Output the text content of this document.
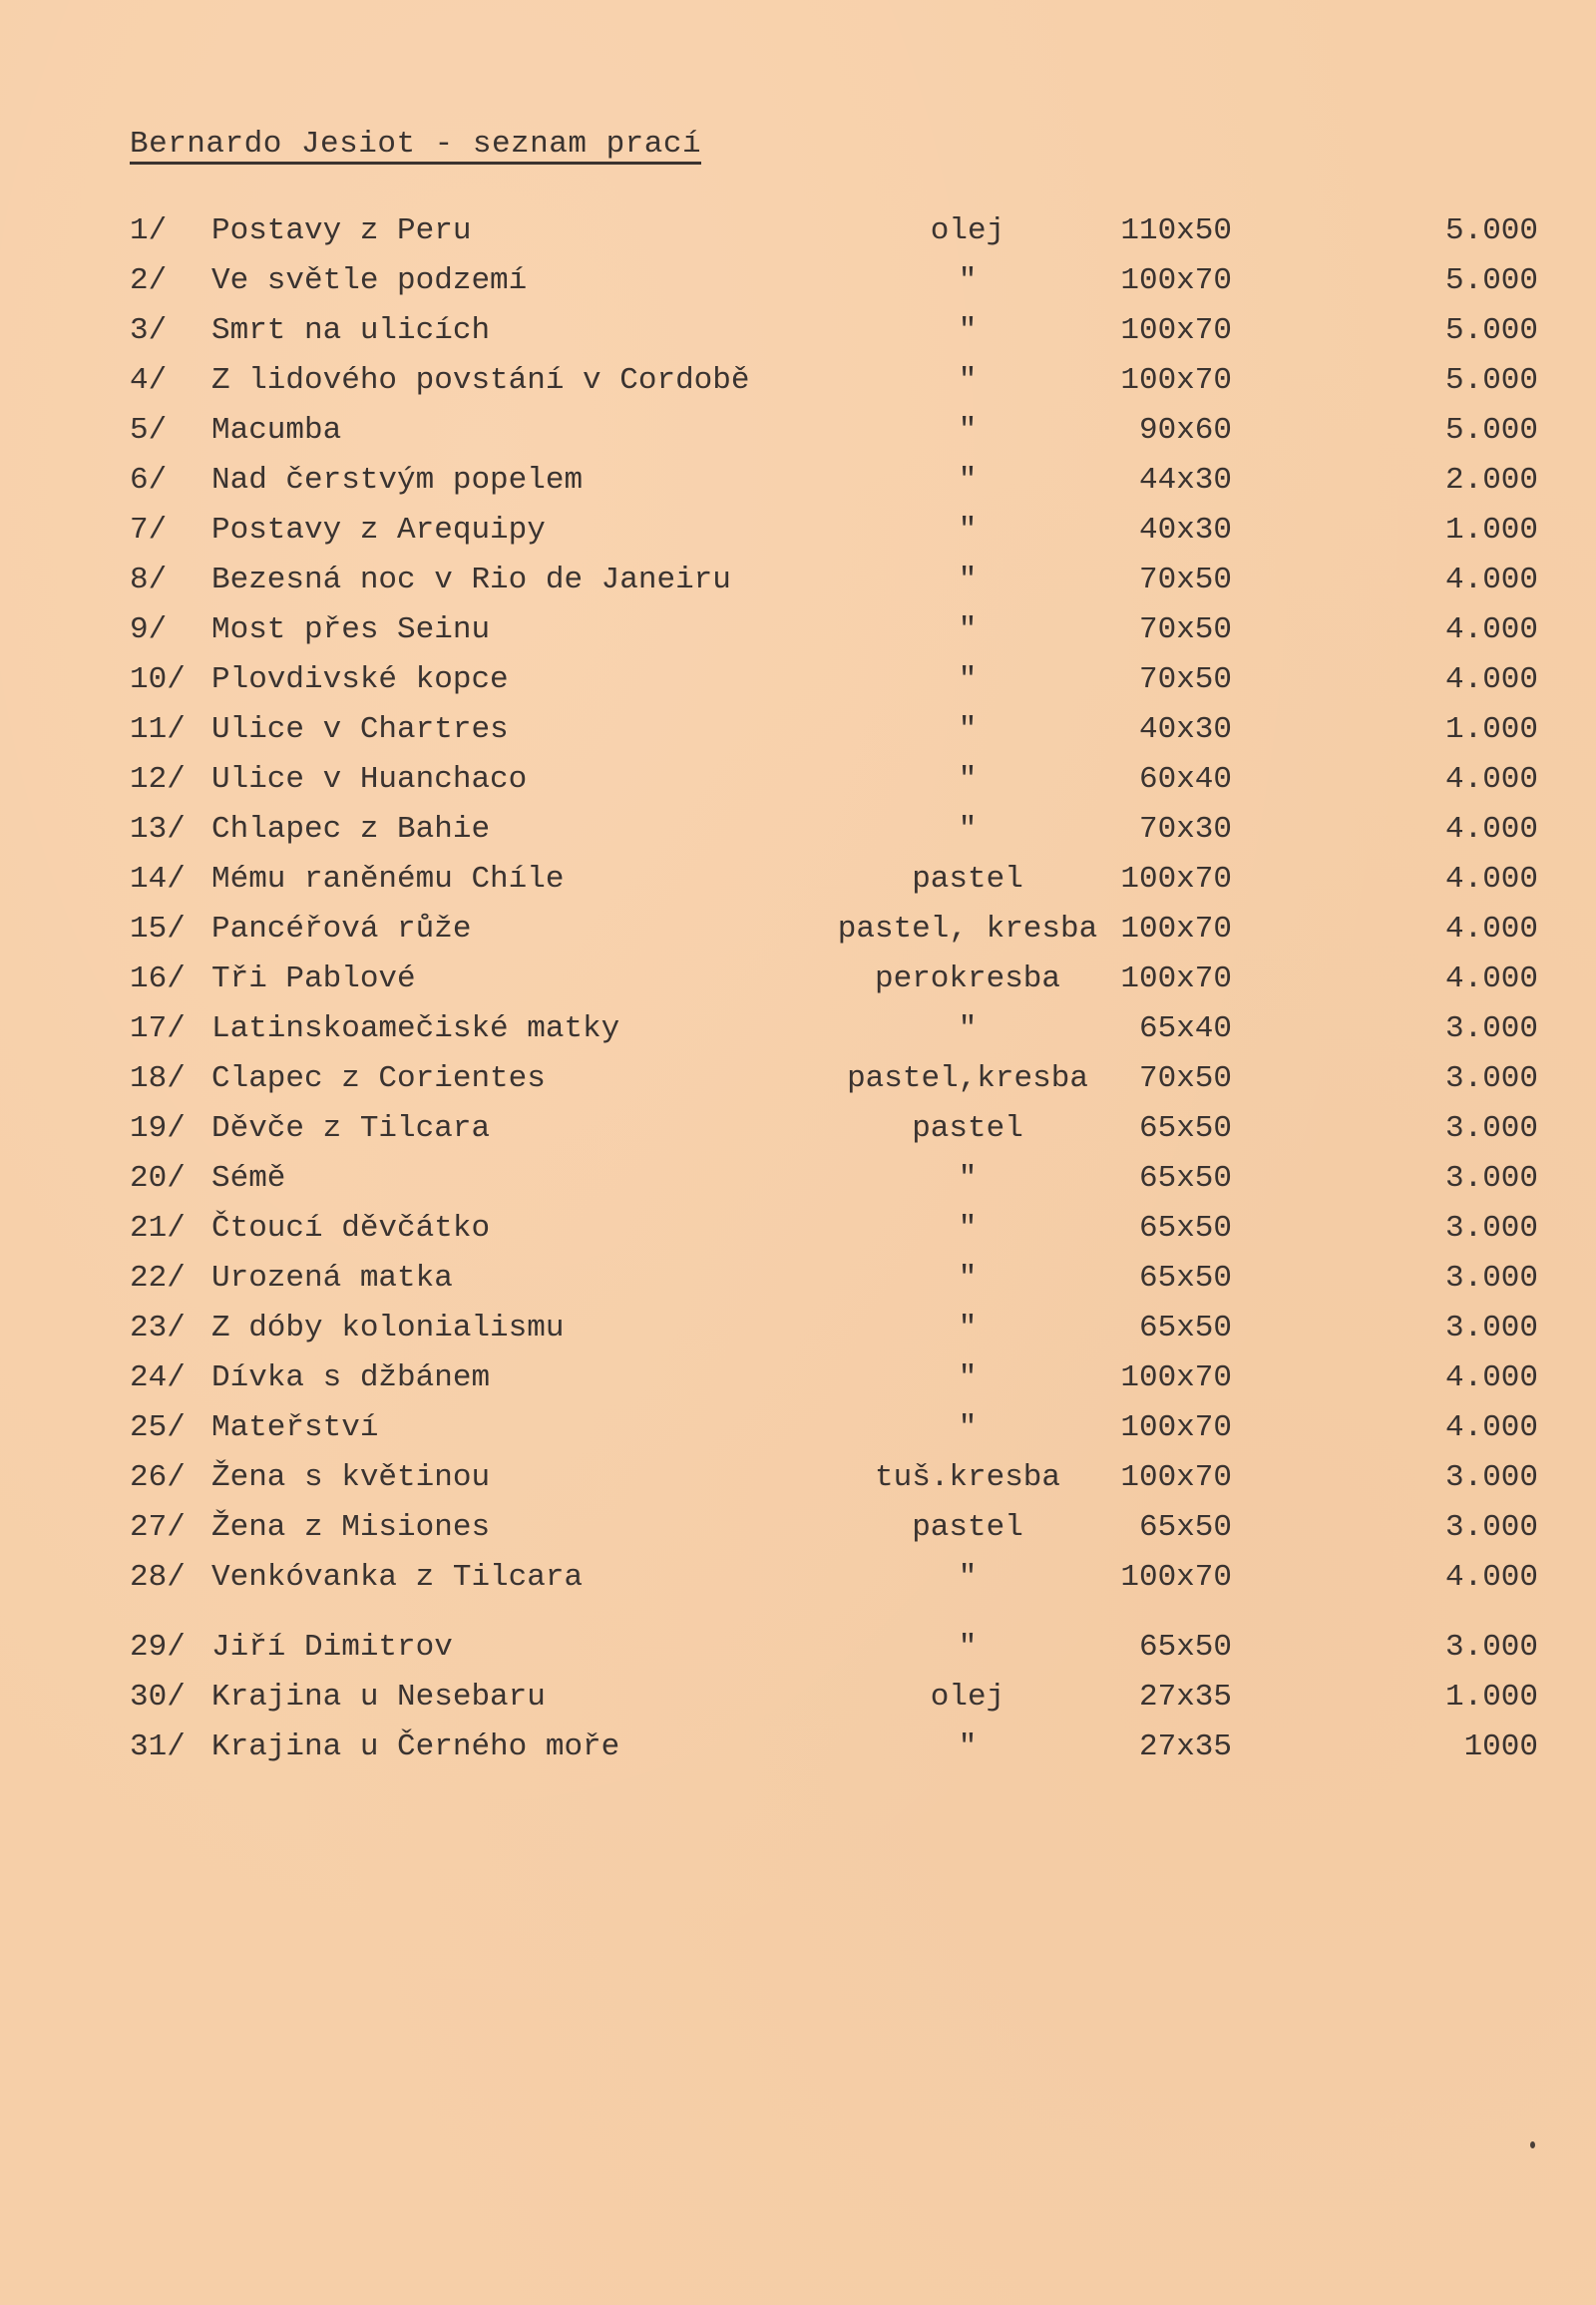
Bernardo Jesiot - seznam prací
1/ Postavy z Peru	olej	110x50	5.000
2/ Ve světle podzemí	"	100x70	5.000
3/ Smrt na ulicích	"	100x70	5.000
4/ Z lidového povstání v Cordobě	"	100x70	5.000
5/ Macumba	"	90x60	5.000
6/ Nad čerstvým popelem	"	44x30	2.000
7/ Postavy z Arequipy	"	40x30	1.000
8/ Bezesná noc v Rio de Janeiru	"	70x50	4.000
9/ Most přes Seinu	"	70x50	4.000
10/ Plovdivské kopce	"	70x50	4.000
11/ Ulice v Chartres	"	40x30	1.000
12/ Ulice v Huanchaco	"	60x40	4.000
13/ Chlapec z Bahie	"	70x30	4.000
14/ Mému raněnému Chíle	pastel	100x70	4.000
15/ Pancéřová růže	pastel, kresba 100x70	4.000
16/ Tři Pablové	perokresba	100x70	4.000
17/ Latinskoamečiské matky	"	65x40	3.000
18/ Clapec z Corientes	pastel,kresba	70x50	3.000
19/ Děvče z Tilcara	pastel	65x50	3.000
20/ Sémě	"	65x50	3.000
21/ Čtoucí děvčátko	"	65x50	3.000
22/ Urozená matka	"	65x50	3.000
23/ Z dóby kolonialismu	"	65x50	3.000
24/ Dívka s džbánem	"	100x70	4.000
25/ Mateřství	"	100x70	4.000
26/ Žena s květinou	tuš.kresba	100x70	3.000
27/ Žena z Misiones	pastel	65x50	3.000
28/ Venkóvanka z Tilcara	"	100x70	4.000
29/ Jiří Dimitrov	"	65x50	3.000
30/ Krajina u Nesebaru	olej	27x35	1.000
31/ Krajina u Černého moře	"	27x35	1000
